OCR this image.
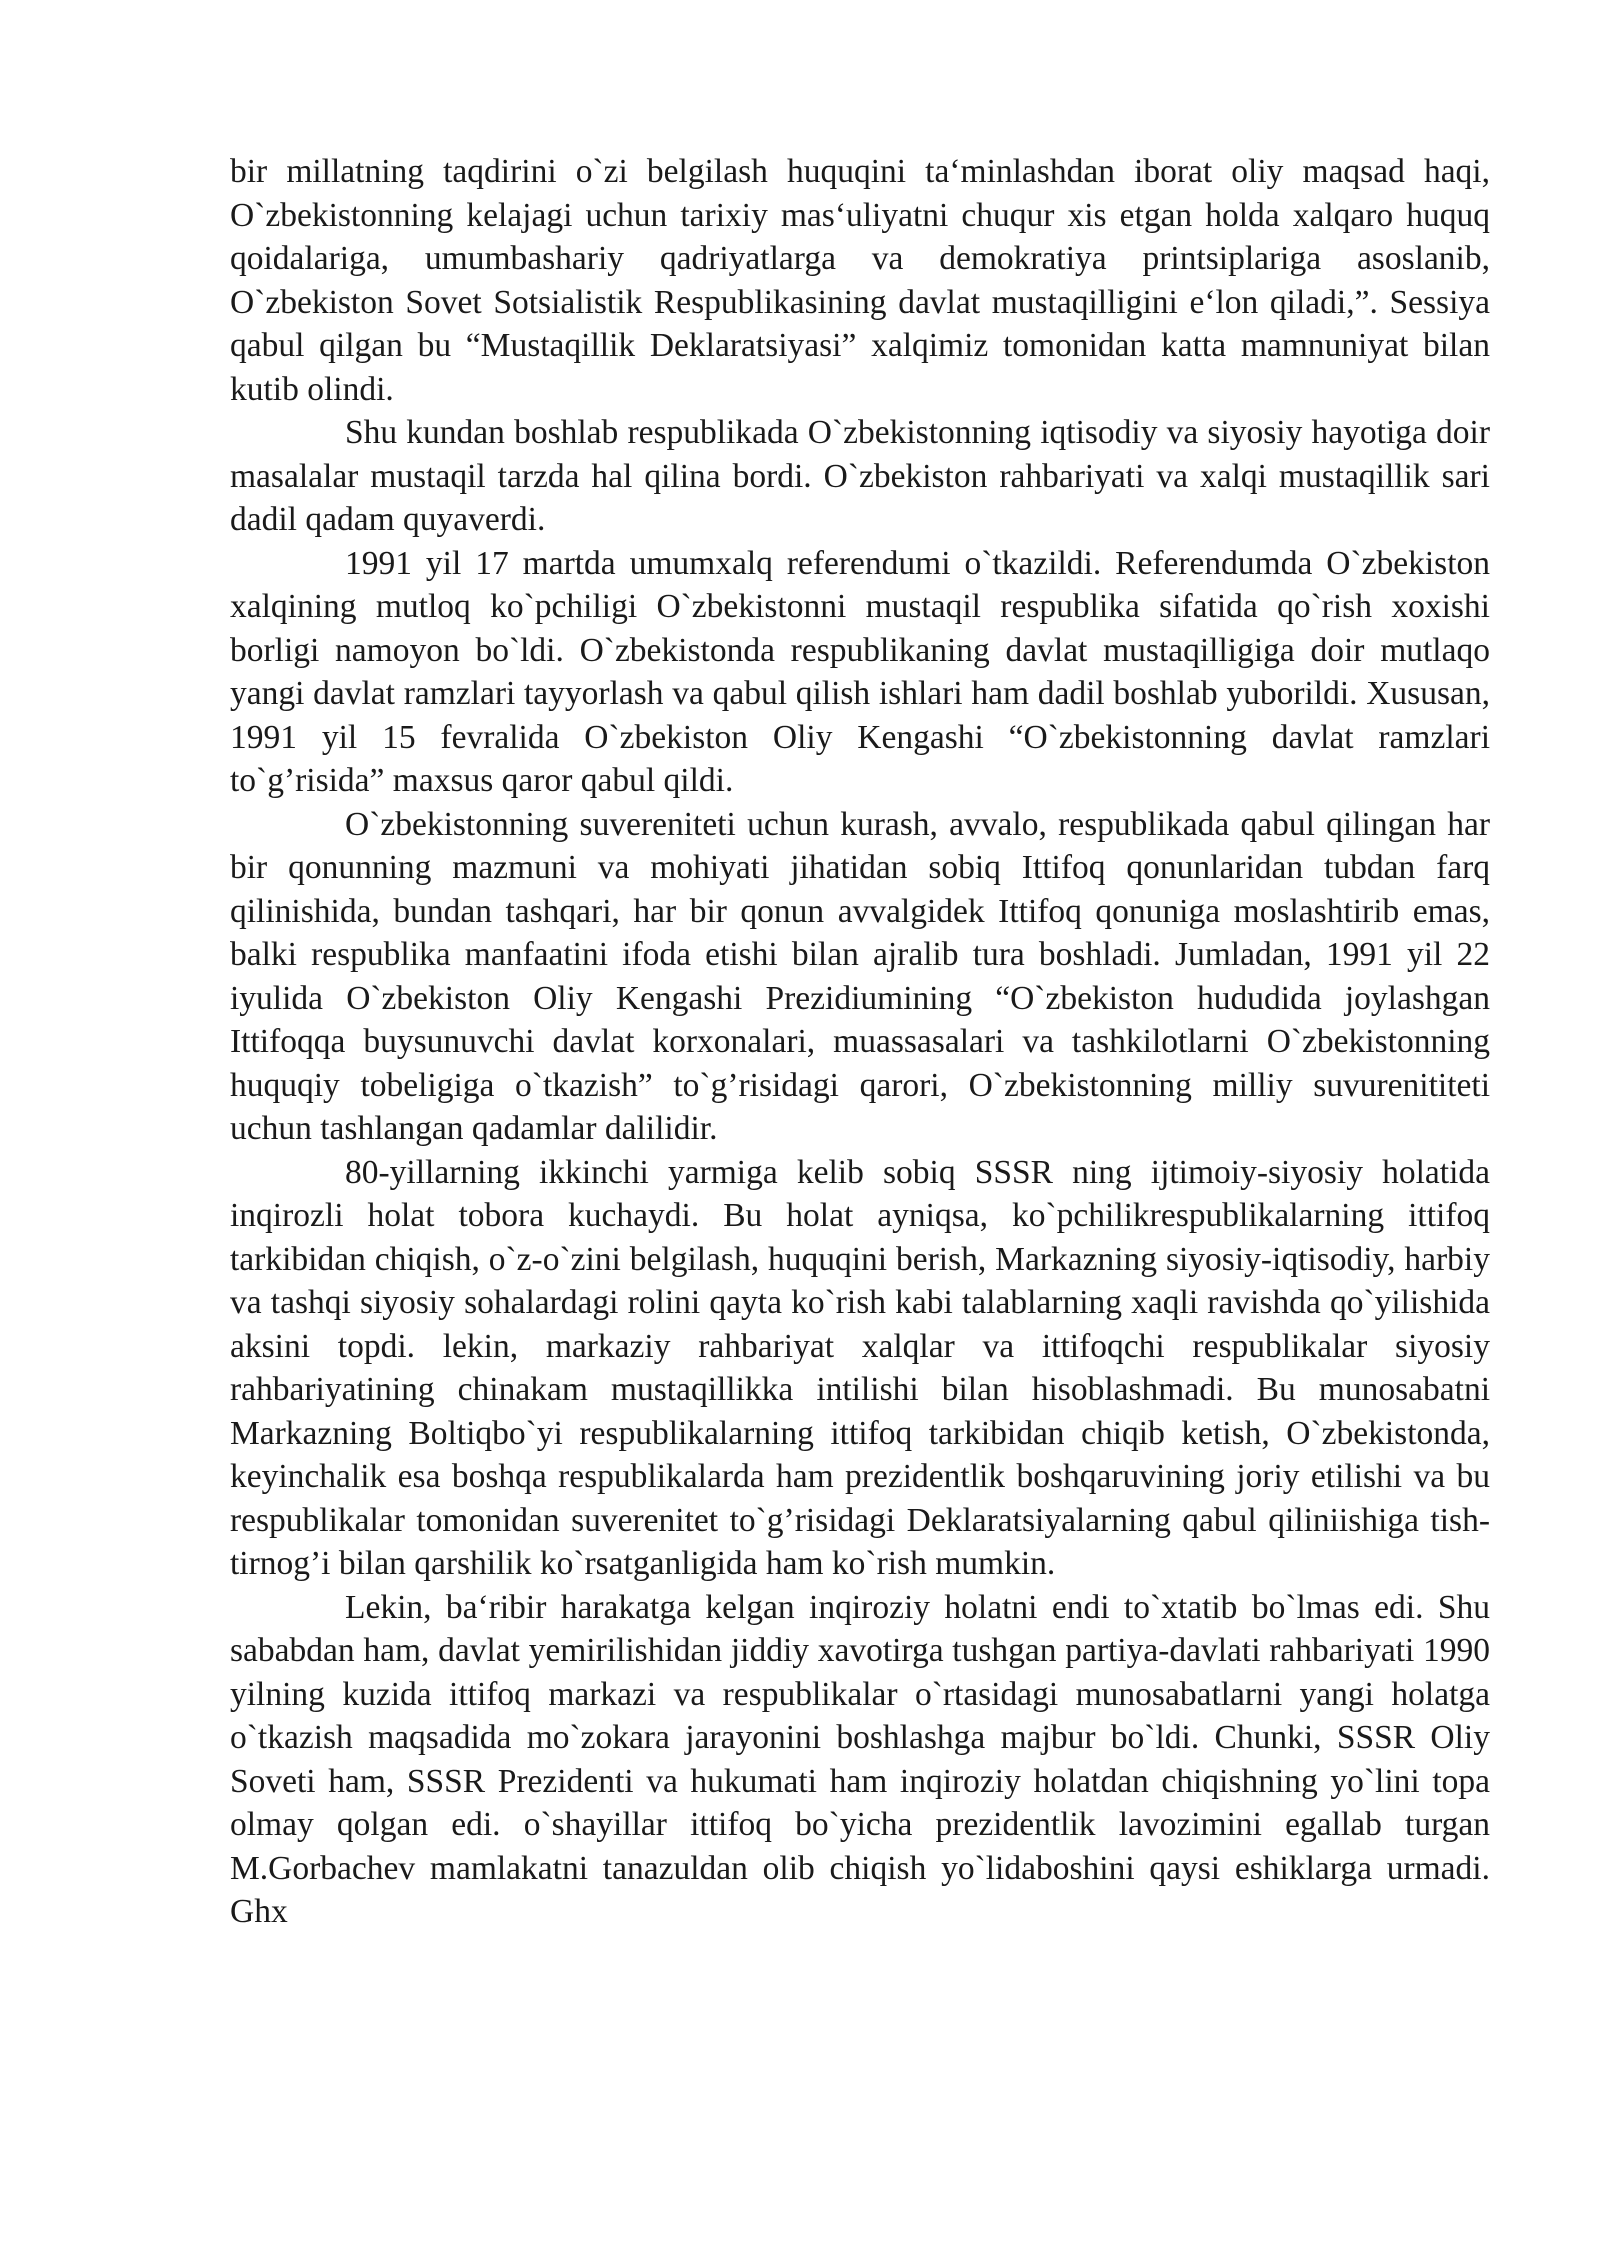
bir millatning taqdirini o`zi belgilash huquqini ta‘minlashdan iborat oliy maqsad haqi, O`zbekistonning kelajagi uchun tarixiy mas‘uliyatni chuqur xis etgan holda xalqaro huquq qoidalariga, umumbashariy qadriyatlarga va demokratiya printsiplariga asoslanib, O`zbekiston Sovet Sotsialistik Respublikasining davlat mustaqilligini e‘lon qiladi,”. Sessiya qabul qilgan bu “Mustaqillik Deklaratsiyasi” xalqimiz tomonidan katta mamnuniyat bilan kutib olindi.

Shu kundan boshlab respublikada O`zbekistonning iqtisodiy va siyosiy hayotiga doir masalalar mustaqil tarzda hal qilina bordi. O`zbekiston rahbariyati va xalqi mustaqillik sari dadil qadam quyaverdi.

1991 yil 17 martda umumxalq referendumi o`tkazildi. Referendumda O`zbekiston xalqining mutloq ko`pchiligi O`zbekistonni mustaqil respublika sifatida qo`rish xoxishi borligi namoyon bo`ldi. O`zbekistonda respublikaning davlat mustaqilligiga doir mutlaqo yangi davlat ramzlari tayyorlash va qabul qilish ishlari ham dadil boshlab yuborildi. Xususan, 1991 yil 15 fevralida O`zbekiston Oliy Kengashi “O`zbekistonning davlat ramzlari to`g’risida” maxsus qaror qabul qildi.

O`zbekistonning suvereniteti uchun kurash, avvalo, respublikada qabul qilingan har bir qonunning mazmuni va mohiyati jihatidan sobiq Ittifoq qonunlaridan tubdan farq qilinishida, bundan tashqari, har bir qonun avvalgidek Ittifoq qonuniga moslashtirib emas, balki respublika manfaatini ifoda etishi bilan ajralib tura boshladi. Jumladan, 1991 yil 22 iyulida O`zbekiston Oliy Kengashi Prezidiumining “O`zbekiston hududida joylashgan Ittifoqqa buysunuvchi davlat korxonalari, muassasalari va tashkilotlarni O`zbekistonning huquqiy tobeligiga o`tkazish” to`g’risidagi qarori, O`zbekistonning milliy suvurenititeti uchun tashlangan qadamlar dalilidir.

80-yillarning ikkinchi yarmiga kelib sobiq SSSR ning ijtimoiy-siyosiy holatida inqirozli holat tobora kuchaydi. Bu holat ayniqsa, ko`pchilikrespublikalarning ittifoq tarkibidan chiqish, o`z-o`zini belgilash, huquqini berish, Markazning siyosiy-iqtisodiy, harbiy va tashqi siyosiy sohalardagi rolini qayta ko`rish kabi talablarning xaqli ravishda qo`yilishida aksini topdi. lekin, markaziy rahbariyat xalqlar va ittifoqchi respublikalar siyosiy rahbariyatining chinakam mustaqillikka intilishi bilan hisoblashmadi. Bu munosabatni Markazning Boltiqbo`yi respublikalarning ittifoq tarkibidan chiqib ketish, O`zbekistonda, keyinchalik esa boshqa respublikalarda ham prezidentlik boshqaruvining joriy etilishi va bu respublikalar tomonidan suverenitet to`g’risidagi Deklaratsiyalarning qabul qiliniishiga tish-tirnog’i bilan qarshilik ko`rsatganligida ham ko`rish mumkin.

Lekin, ba‘ribir harakatga kelgan inqiroziy holatni endi to`xtatib bo`lmas edi. Shu sababdan ham, davlat yemirilishidan jiddiy xavotirga tushgan partiya-davlati rahbariyati 1990 yilning kuzida ittifoq markazi va respublikalar o`rtasidagi munosabatlarni yangi holatga o`tkazish maqsadida mo`zokara jarayonini boshlashga majbur bo`ldi. Chunki, SSSR Oliy Soveti ham, SSSR Prezidenti va hukumati ham inqiroziy holatdan chiqishning yo`lini topa olmay qolgan edi. o`shayillar ittifoq bo`yicha prezidentlik lavozimini egallab turgan M.Gorbachev mamlakatni tanazuldan olib chiqish yo`lidaboshini qaysi eshiklarga urmadi. Ghx
